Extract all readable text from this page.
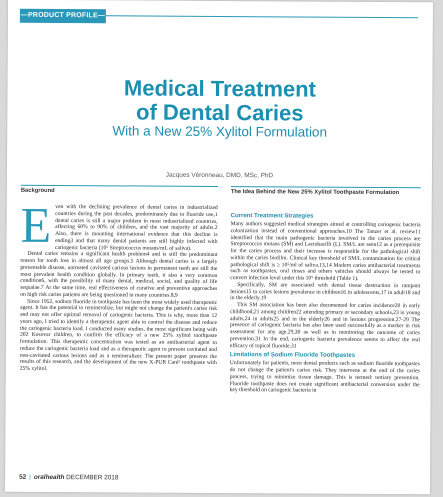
—PRODUCT PROFILE—
Medical Treatment
of Dental Caries
With a New 25% Xylitol Formulation
Jacques Véronneau, DMD, MSc, PhD
Background	The Idea Behind the New 25% Xylitol Toothpaste Formulation

Even with the declining prevalence of dental caries in industrialized countries during the past decades, predominately due to fluoride use,1 dental caries is still a major problem in most industrialized countries, affecting 60% to 90% of children, and the vast majority of adults.2 Also, there is mounting international evidence that this decline is ending3 and that many dental patients are still highly infected with cariogenic bacteria (10⁵ Streptococcus mutans/mL of saliva).

Dental caries remains a significant health problem4 and is still the predominant reason for tooth loss in almost all age groups.5 Although dental caries is a largely preventable disease, untreated cavitated carious lesions in permanent teeth are still the most prevalent health condition globally. In primary teeth, it also a very common condition6, with the possibility of many dental, medical, social, and quality of life sequalae.7 At the same time, real effectiveness of curative and preventive approaches on high risk caries patients are being questioned in many countries.8,9

Since 1952, sodium fluoride in toothpaste has been the most widely used therapeutic agent. It has the potential to remineralize, but might not change the patient's caries risk and may not offer optimal removal of cariogenic bacteria. This is why, more than 12 years ago, I tried to identify a therapeutic agent able to control the disease and reduce the cariogenic bacteria load. I conducted many studies, the most significant being with 202 Kosovar children, to confirm the efficacy of a new 25% xylitol toothpaste formulation. This therapeutic concentration was tested as an antibacterial agent to reduce the cariogenic bacteria load and as a therapeutic agent to prevent cavitated and non-cavitated carious lesions and as a remineralizer. The present paper presents the results of this research, and the development of the new X-PUR Caré⁵ toothpaste with 25% xylitol.

Current Treatment Strategies

Many authors suggested medical strategies aimed at controlling cariogenic bacteria colonization instead of conventional approaches.10 The Tanzer et al. review11 identified that the main pathogenic bacteria involved in the caries process are Streptococcus mutans (SM) and Lactobacilli (L). SM/L are seen12 as a prerequisite for the caries process and their increase is responsible for the pathological shift within the caries biofilm. Clinical key threshold of SM/L contamination for critical pathological shift is ≥ 10⁵/ml of saliva.13,14 Modern caries antibacterial treatments such as toothpastes, oral rinses and others vehicles should always be tested to convert infection level under this 10⁵ threshold (Table 1).

Specifically, SM are associated with dental tissue destruction in rampant lesions15 to caries lesions prevalence in children16 in adolescents,17 in adult18 and in the elderly.19

This SM association has been also documented for caries incidence20 in early childhood,21 among children22 attending primary or secondary schools,23 in young adults,24 in adults25 and in the elderly26 and in lesions progression.27-29 The presence of cariogenic bacteria has also been used successfully as a marker in risk assessment for any age.29,30 as well as in monitoring the outcome of caries prevention.31 In the end, cariogenic bacteria prevalence seems to affect the real efficacy of topical fluoride.31

Limitations of Sodium Fluoride Toothpastes

Unfortunately for patients, most dental products such as sodium fluoride toothpastes do not change the patient's caries risk. They intervene at the end of the caries process, trying to minimize tissue damage. This is termed: tertiary prevention. Fluoride toothpaste does not create significant antibacterial conversion under the key threshold on cariogenic bacteria in

52 | oralhealth DECEMBER 2018
